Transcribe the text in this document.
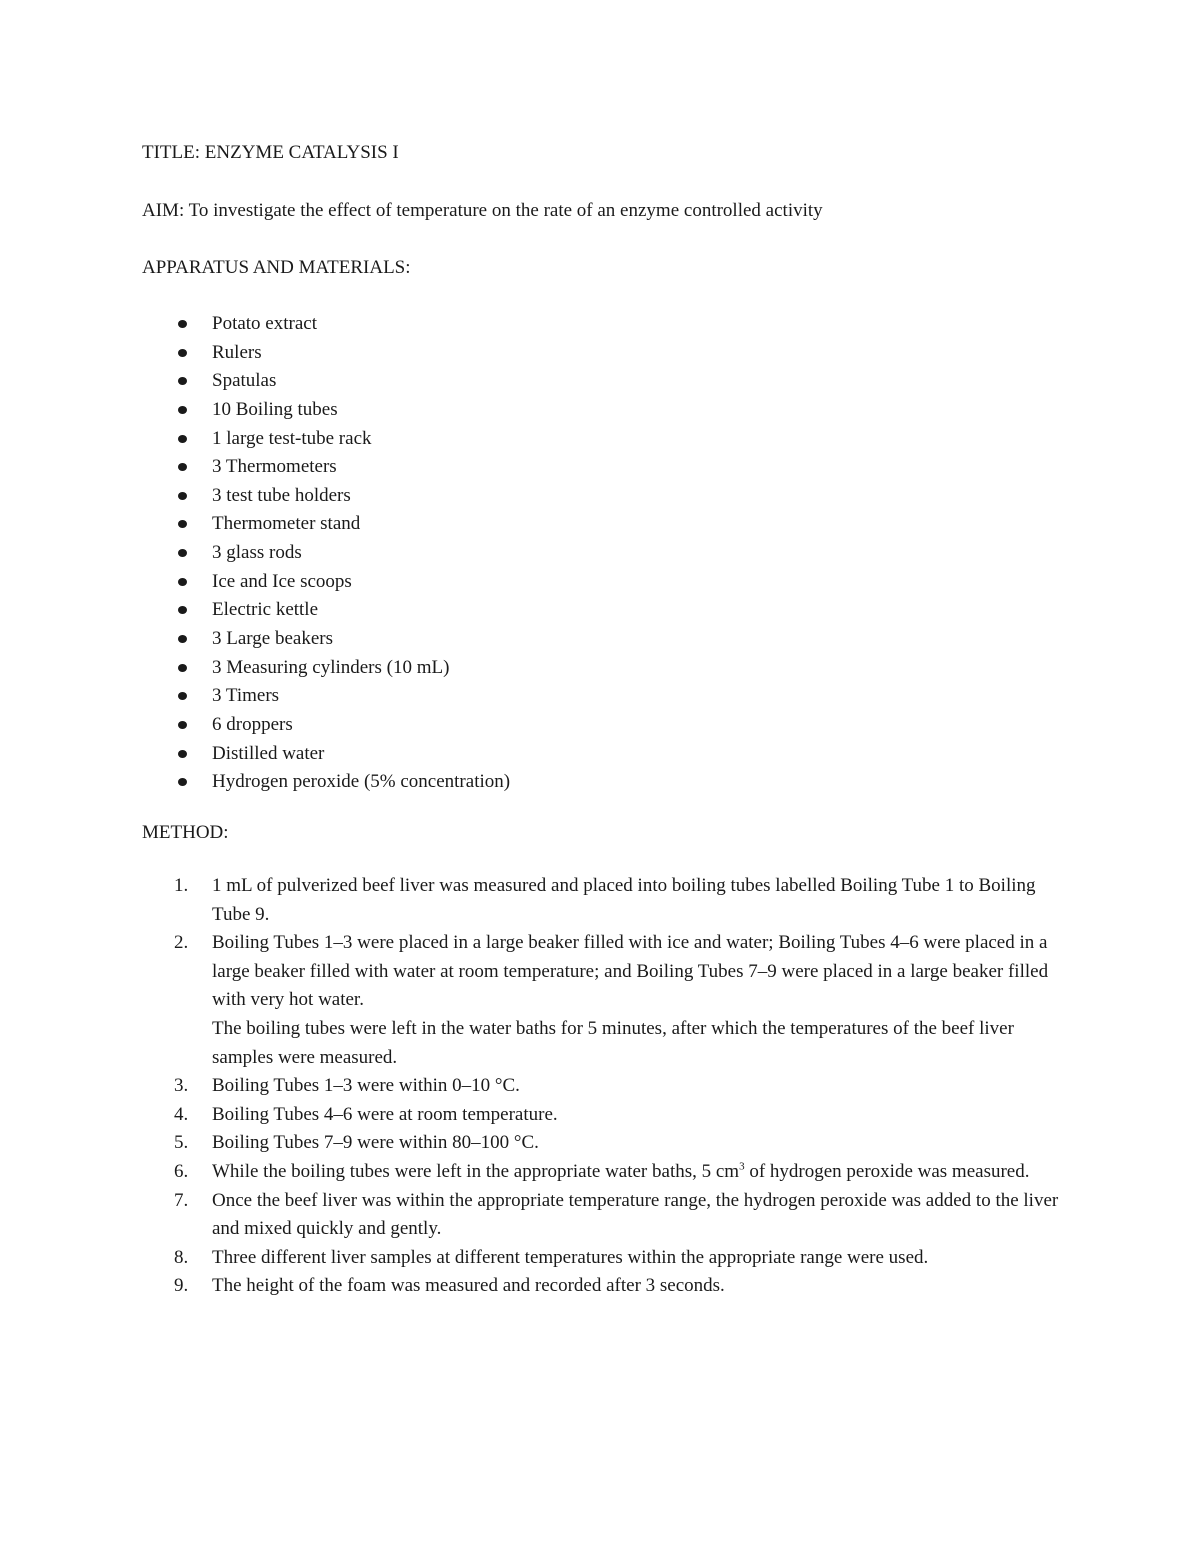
TITLE: ENZYME CATALYSIS I

AIM: To investigate the effect of temperature on the rate of an enzyme controlled activity

APPARATUS AND MATERIALS:

Potato extract
Rulers
Spatulas
10 Boiling tubes
1 large test-tube rack
3 Thermometers
3 test tube holders
Thermometer stand
3 glass rods
Ice and Ice scoops
Electric kettle
3 Large beakers
3 Measuring cylinders (10 mL)
3 Timers
6 droppers
Distilled water
Hydrogen peroxide (5% concentration)

METHOD:

1. 1 mL of pulverized beef liver was measured and placed into boiling tubes labelled Boiling Tube 1 to Boiling Tube 9.
2. Boiling Tubes 1–3 were placed in a large beaker filled with ice and water; Boiling Tubes 4–6 were placed in a large beaker filled with water at room temperature; and Boiling Tubes 7–9 were placed in a large beaker filled with very hot water.
The boiling tubes were left in the water baths for 5 minutes, after which the temperatures of the beef liver samples were measured.
3. Boiling Tubes 1–3 were within 0–10 °C.
4. Boiling Tubes 4–6 were at room temperature.
5. Boiling Tubes 7–9 were within 80–100 °C.
6. While the boiling tubes were left in the appropriate water baths, 5 $cm^3$ of hydrogen peroxide was measured.
7. Once the beef liver was within the appropriate temperature range, the hydrogen peroxide was added to the liver and mixed quickly and gently.
8. Three different liver samples at different temperatures within the appropriate range were used.
9. The height of the foam was measured and recorded after 3 seconds.
